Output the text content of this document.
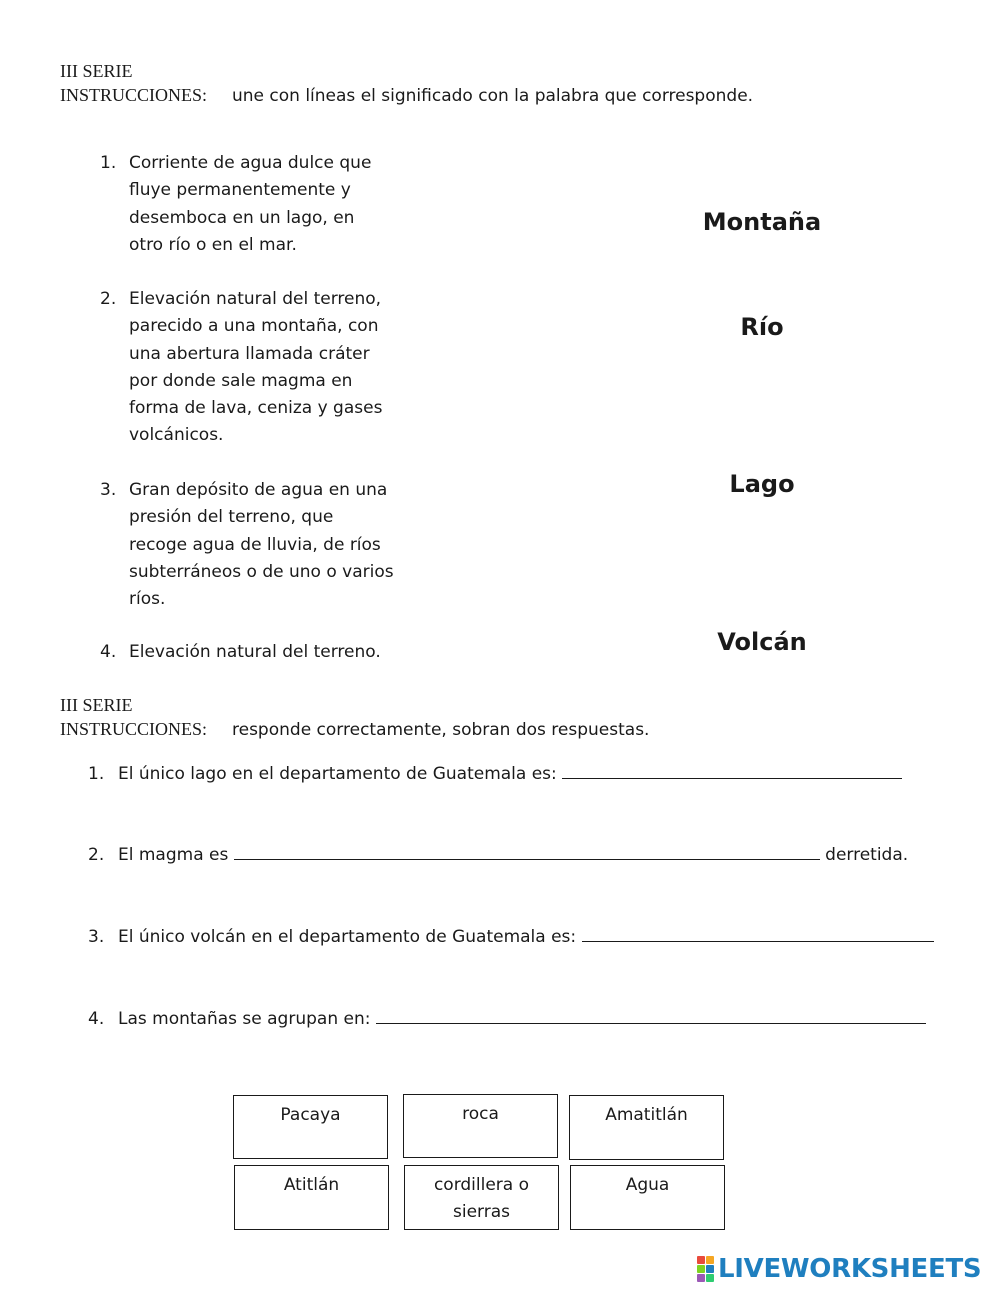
III SERIE
INSTRUCCIONES: une con líneas el significado con la palabra que corresponde.
1. Corriente de agua dulce que
fluye permanentemente y
desemboca en un lago, en
otro río o en el mar.
2. Elevación natural del terreno,
parecido a una montaña, con
una abertura llamada cráter
por donde sale magma en
forma de lava, ceniza y gases
volcánicos.
3. Gran depósito de agua en una
presión del terreno, que
recoge agua de lluvia, de ríos
subterráneos o de uno o varios
ríos.
4. Elevación natural del terreno.
Montaña
Río
Lago
Volcán
III SERIE
INSTRUCCIONES: responde correctamente, sobran dos respuestas.
1. El único lago en el departamento de Guatemala es:
2. El magma es	derretida.
3. El único volcán en el departamento de Guatemala es:
4. Las montañas se agrupan en:
Pacaya	roca	Amatitlán
Atitlán	cordillera o sierras
Agua
LIVEWORKSHEETS
